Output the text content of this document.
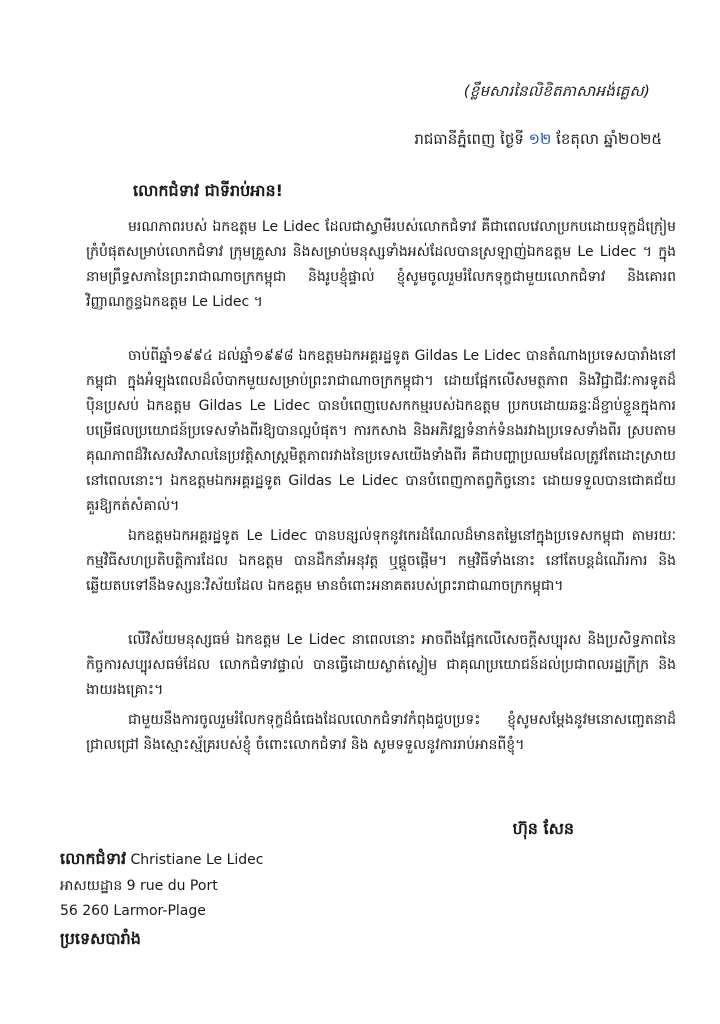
(ខ្លឹមសារនៃលិខិតភាសាអង់គ្លេស)
រាជធានីភ្នំពេញ ថ្ងៃទី ១២ ខែតុលា ឆ្នាំ២០២៥
លោកជំទាវ ជាទីរាប់អាន!

មរណភាពរបស់ ឯកឧត្តម Le Lidec ដែលជាស្វាមីរបស់លោកជំទាវ គឺជាពេលវេលាប្រកបដោយទុក្ខដ៏ក្រៀមក្រំបំផុតសម្រាប់លោកជំទាវ ក្រុមគ្រួសារ និងសម្រាប់មនុស្សទាំងអស់ដែលបានស្រឡាញ់ឯកឧត្តម Le Lidec ។ ក្នុងនាមព្រឹទ្ធសភានៃព្រះរាជាណាចក្រកម្ពុជា និងរូបខ្ញុំផ្ទាល់ ខ្ញុំសូមចូលរួមរំលែកទុក្ខជាមួយលោកជំទាវ និងគោរពវិញ្ញាណក្ខន្ធឯកឧត្តម Le Lidec ។

ចាប់ពីឆ្នាំ១៩៩៤ ដល់ឆ្នាំ១៩៩៨ ឯកឧត្តមឯកអគ្គរដ្ឋទូត Gildas Le Lidec បានតំណាងប្រទេសបារាំងនៅកម្ពុជា ក្នុងអំឡុងពេលដ៏លំបាកមួយសម្រាប់ព្រះរាជាណាចក្រកម្ពុជា។ ដោយផ្អែកលើសមត្ថភាព និងវិជ្ជាជីវៈការទូតដ៏ប៉ិនប្រសប់ ឯកឧត្តម Gildas Le Lidec បានបំពេញបេសកកម្មរបស់ឯកឧត្តម ប្រកបដោយឆន្ទៈដ៏ខ្ជាប់ខ្ជួនក្នុងការបម្រើផលប្រយោជន៍ប្រទេសទាំងពីរឱ្យបានល្អបំផុត។ ការកសាង និងអភិវឌ្ឍទំនាក់ទំនងរវាងប្រទេសទាំងពីរ ស្របតាមគុណភាពដ៏វិសេសវិសាលនៃប្រវត្តិសាស្ត្រមិត្តភាពរវាងនៃប្រទេសយើងទាំងពីរ គឺជាបញ្ហាប្រឈមដែលត្រូវតែដោះស្រាយ នៅពេលនោះ។ ឯកឧត្តមឯកអគ្គរដ្ឋទូត Gildas Le Lidec បានបំពេញកាតព្វកិច្ចនោះ ដោយទទួលបានជោគជ័យគួរឱ្យកត់សំគាល់។

ឯកឧត្តមឯកអគ្គរដ្ឋទូត Le Lidec បានបន្សល់ទុកនូវកេរដំណែលដ៏មានតម្លៃនៅក្នុងប្រទេសកម្ពុជា តាមរយៈកម្មវិធីសហប្រតិបត្តិការដែល ឯកឧត្តម បានដឹកនាំអនុវត្ត ឬផ្តួចផ្តើម។ កម្មវិធីទាំងនោះ នៅតែបន្តដំណើរការ និងឆ្លើយតបទៅនឹងទស្សនៈវិស័យដែល ឯកឧត្តម មានចំពោះអនាគតរបស់ព្រះរាជាណាចក្រកម្ពុជា។

លើវិស័យមនុស្សធម៌ ឯកឧត្តម Le Lidec នាពេលនោះ អាចពឹងផ្អែកលើសេចក្តីសប្បុរស និងប្រសិទ្ធភាពនៃកិច្ចការសប្បុរសធម៌ដែល លោកជំទាវផ្ទាល់ បានធ្វើដោយស្ងាត់ស្ងៀម ជាគុណប្រយោជន៍ដល់ប្រជាពលរដ្ឋក្រីក្រ និងងាយរងគ្រោះ។

ជាមួយនឹងការចូលរួមរំលែកទុក្ខដ៏ធំធេងដែលលោកជំទាវកំពុងជួបប្រទះ ខ្ញុំសូមសម្តែងនូវមនោសញ្ចេតនាដ៏ជ្រាលជ្រៅ និងស្មោះស្ម័គ្ររបស់ខ្ញុំ ចំពោះលោកជំទាវ និង សូមទទួលនូវការរាប់អានពីខ្ញុំ។

ហ៊ុន សែន
លោកជំទាវ Christiane Le Lidec
អាសយដ្ឋាន 9 rue du Port
56 260 Larmor-Plage
ប្រទេសបារាំង
